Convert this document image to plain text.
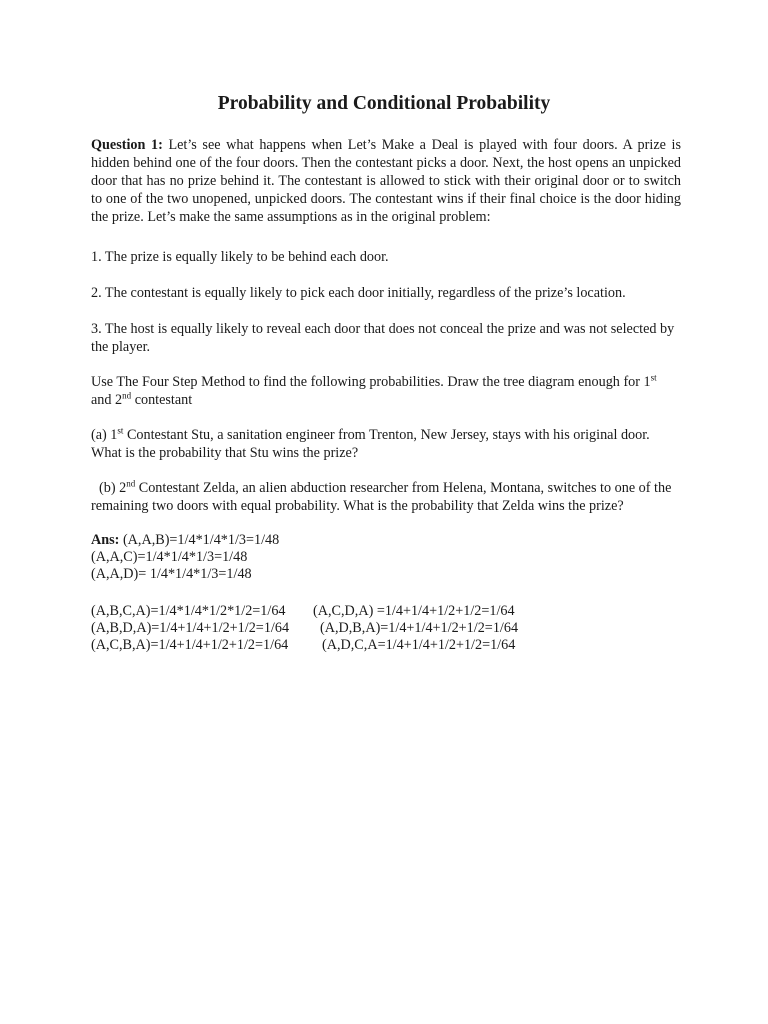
Probability and Conditional Probability

Question 1: Let’s see what happens when Let’s Make a Deal is played with four doors. A prize is hidden behind one of the four doors. Then the contestant picks a door. Next, the host opens an unpicked door that has no prize behind it. The contestant is allowed to stick with their original door or to switch to one of the two unopened, unpicked doors. The contestant wins if their final choice is the door hiding the prize. Let’s make the same assumptions as in the original problem:

1. The prize is equally likely to be behind each door.

2. The contestant is equally likely to pick each door initially, regardless of the prize’s location.

3. The host is equally likely to reveal each door that does not conceal the prize and was not selected by the player.

Use The Four Step Method to find the following probabilities. Draw the tree diagram enough for 1st
and 2nd contestant

(a) 1st Contestant Stu, a sanitation engineer from Trenton, New Jersey, stays with his original door. What is the probability that Stu wins the prize?

(b) 2nd Contestant Zelda, an alien abduction researcher from Helena, Montana, switches to one of the remaining two doors with equal probability. What is the probability that Zelda wins the prize?

Ans: (A,A,B)=1/4*1/4*1/3=1/48

(A,A,C)=1/4*1/4*1/3=1/48

(A,A,D)= 1/4*1/4*1/3=1/48

(A,B,C,A)=1/4*1/4*1/2*1/2=1/64 (A,C,D,A) =1/4+1/4+1/2+1/2=1/64

(A,B,D,A)=1/4+1/4+1/2+1/2=1/64 (A,D,B,A)=1/4+1/4+1/2+1/2=1/64

(A,C,B,A)=1/4+1/4+1/2+1/2=1/64 (A,D,C,A=1/4+1/4+1/2+1/2=1/64
